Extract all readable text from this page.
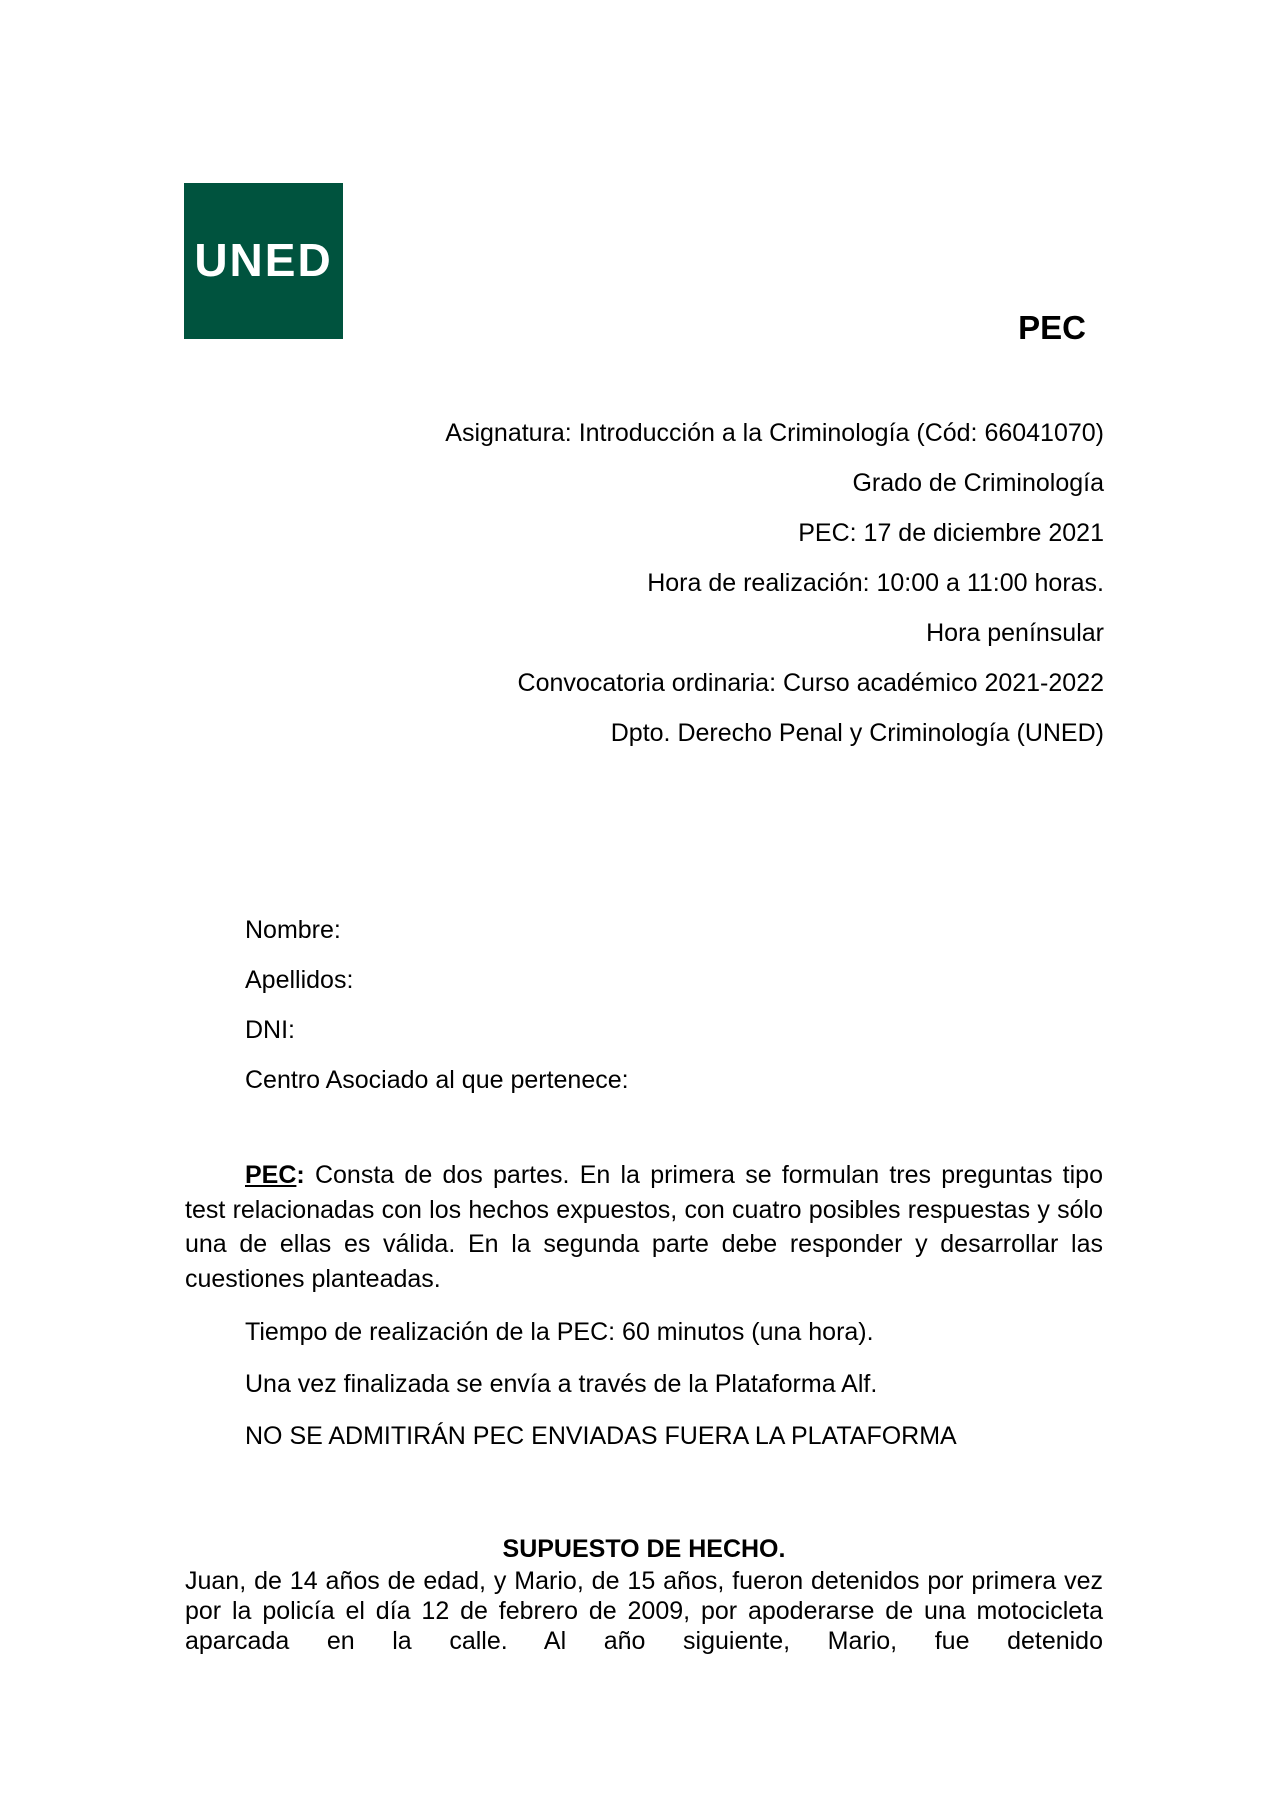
UNED
PEC
Asignatura: Introducción a la Criminología (Cód: 66041070)
Grado de Criminología
PEC: 17 de diciembre 2021
Hora de realización: 10:00 a 11:00 horas.
Hora penínsular
Convocatoria ordinaria: Curso académico 2021-2022
Dpto. Derecho Penal y Criminología (UNED)
Nombre:
Apellidos:
DNI:
Centro Asociado al que pertenece:

PEC: Consta de dos partes. En la primera se formulan tres preguntas tipo test relacionadas con los hechos expuestos, con cuatro posibles respuestas y sólo una de ellas es válida. En la segunda parte debe responder y desarrollar las cuestiones planteadas.

Tiempo de realización de la PEC: 60 minutos (una hora).
Una vez finalizada se envía a través de la Plataforma Alf.
NO SE ADMITIRÁN PEC ENVIADAS FUERA LA PLATAFORMA
SUPUESTO DE HECHO.

Juan, de 14 años de edad, y Mario, de 15 años, fueron detenidos por primera vez por la policía el día 12 de febrero de 2009, por apoderarse de una motocicleta aparcada en la calle. Al año siguiente, Mario, fue detenido
